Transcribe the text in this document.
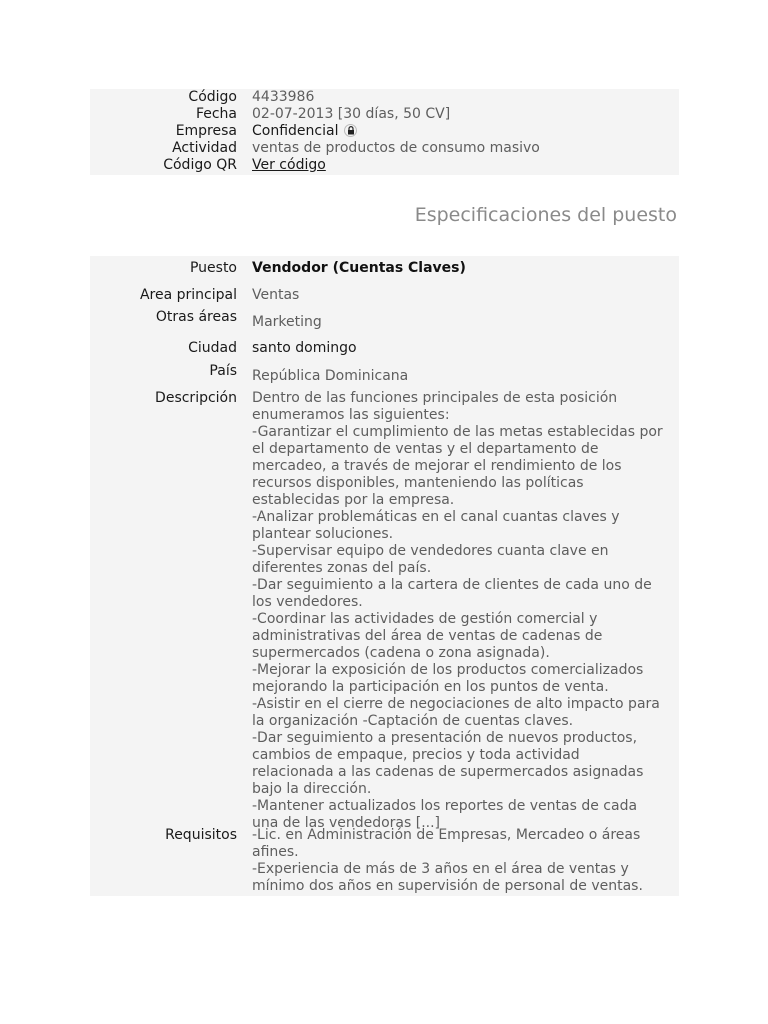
Código 4433986
Fecha 02-07-2013 [30 días, 50 CV]
Empresa Confidencial
Actividad ventas de productos de consumo masivo
Código QR Ver código
Especificaciones del puesto
Puesto Vendodor (Cuentas Claves)
Area principal Ventas
Otras áreas Marketing
Ciudad santo domingo
País República Dominicana
Descripción Dentro de las funciones principales de esta posición
enumeramos las siguientes:
-Garantizar el cumplimiento de las metas establecidas por
el departamento de ventas y el departamento de
mercadeo, a través de mejorar el rendimiento de los
recursos disponibles, manteniendo las políticas
establecidas por la empresa.
-Analizar problemáticas en el canal cuantas claves y
plantear soluciones.
-Supervisar equipo de vendedores cuanta clave en
diferentes zonas del país.
-Dar seguimiento a la cartera de clientes de cada uno de
los vendedores.
-Coordinar las actividades de gestión comercial y
administrativas del área de ventas de cadenas de
supermercados (cadena o zona asignada).
-Mejorar la exposición de los productos comercializados
mejorando la participación en los puntos de venta.
-Asistir en el cierre de negociaciones de alto impacto para
la organización -Captación de cuentas claves.
-Dar seguimiento a presentación de nuevos productos,
cambios de empaque, precios y toda actividad
relacionada a las cadenas de supermercados asignadas
bajo la dirección.
-Mantener actualizados los reportes de ventas de cada
una de las vendedoras [...]
Requisitos -Lic. en Administración de Empresas, Mercadeo o áreas
afines.
-Experiencia de más de 3 años en el área de ventas y
mínimo dos años en supervisión de personal de ventas.
